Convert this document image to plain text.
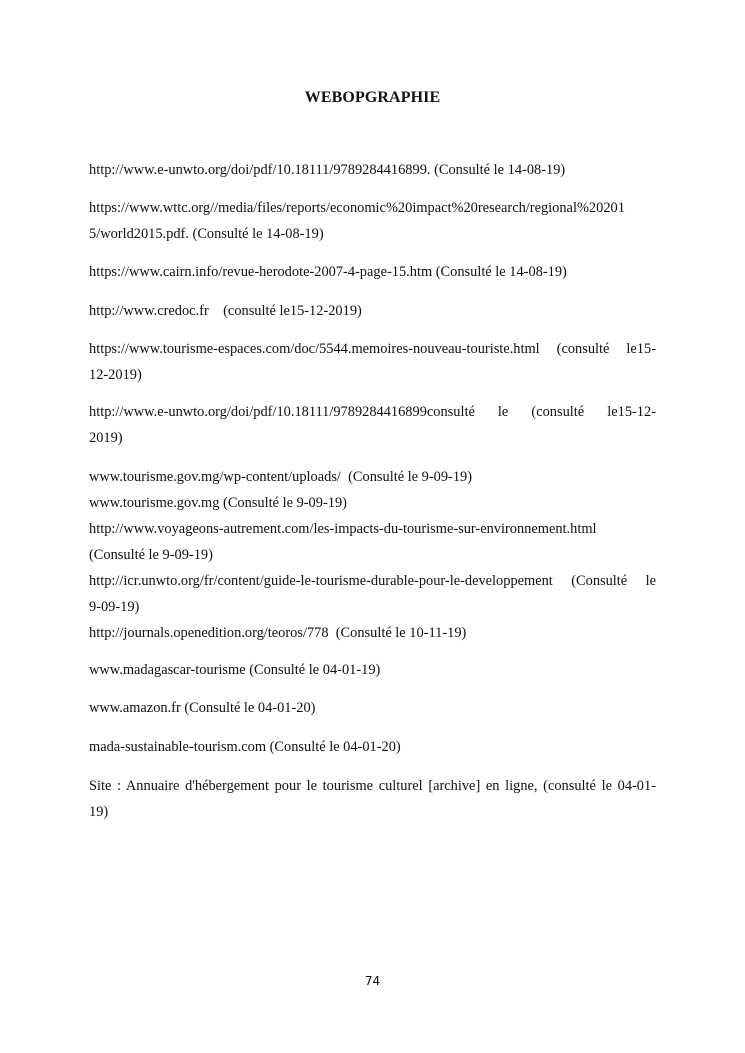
WEBOPGRAPHIE
http://www.e-unwto.org/doi/pdf/10.18111/9789284416899. (Consulté le 14-08-19)
https://www.wttc.org//media/files/reports/economic%20impact%20research/regional%20201
5/world2015.pdf. (Consulté le 14-08-19)
https://www.cairn.info/revue-herodote-2007-4-page-15.htm (Consulté le 14-08-19)
http://www.credoc.fr    (consulté le15-12-2019)
https://www.tourisme-espaces.com/doc/5544.memoires-nouveau-touriste.html (consulté le15-
12-2019)
http://www.e-unwto.org/doi/pdf/10.18111/9789284416899consulté le (consulté le15-12-
2019)
www.tourisme.gov.mg/wp-content/uploads/  (Consulté le 9-09-19)
www.tourisme.gov.mg (Consulté le 9-09-19)
http://www.voyageons-autrement.com/les-impacts-du-tourisme-sur-environnement.html
(Consulté le 9-09-19)
http://icr.unwto.org/fr/content/guide-le-tourisme-durable-pour-le-developpement (Consulté le
9-09-19)
http://journals.openedition.org/teoros/778  (Consulté le 10-11-19)
www.madagascar-tourisme (Consulté le 04-01-19)
www.amazon.fr (Consulté le 04-01-20)
mada-sustainable-tourism.com (Consulté le 04-01-20)
Site : Annuaire d'hébergement pour le tourisme culturel [archive] en ligne, (consulté le 04-01-
19)
74
